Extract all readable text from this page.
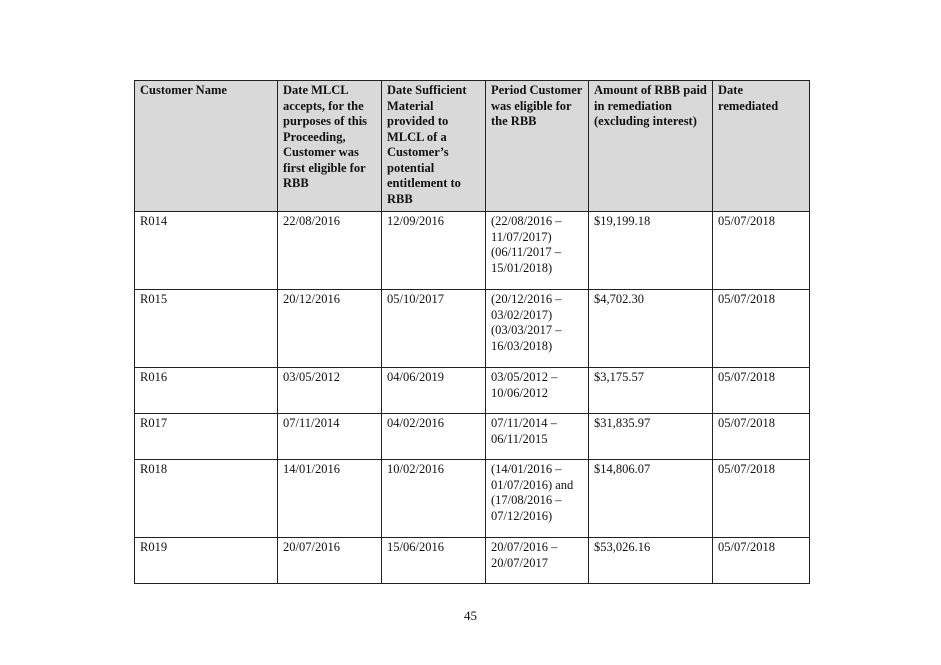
Customer Name	Date MLCL accepts, for the purposes of this Proceeding, Customer was first eligible for RBB	Date Sufficient Material provided to MLCL of a Customer’s potential entitlement to RBB	Period Customer was eligible for the RBB	Amount of RBB paid in remediation (excluding interest)	Date remediated
R014	22/08/2016	12/09/2016	(22/08/2016 –
11/07/2017)
(06/11/2017 –
15/01/2018)	$19,199.18	05/07/2018
R015	20/12/2016	05/10/2017	(20/12/2016 –
03/02/2017)
(03/03/2017 –
16/03/2018)	$4,702.30	05/07/2018
R016	03/05/2012	04/06/2019	03/05/2012 –
10/06/2012	$3,175.57	05/07/2018
R017	07/11/2014	04/02/2016	07/11/2014 –
06/11/2015	$31,835.97	05/07/2018
R018	14/01/2016	10/02/2016	(14/01/2016 –
01/07/2016) and
(17/08/2016 –
07/12/2016)	$14,806.07	05/07/2018
R019	20/07/2016	15/06/2016	20/07/2016 –
20/07/2017	$53,026.16	05/07/2018
45
